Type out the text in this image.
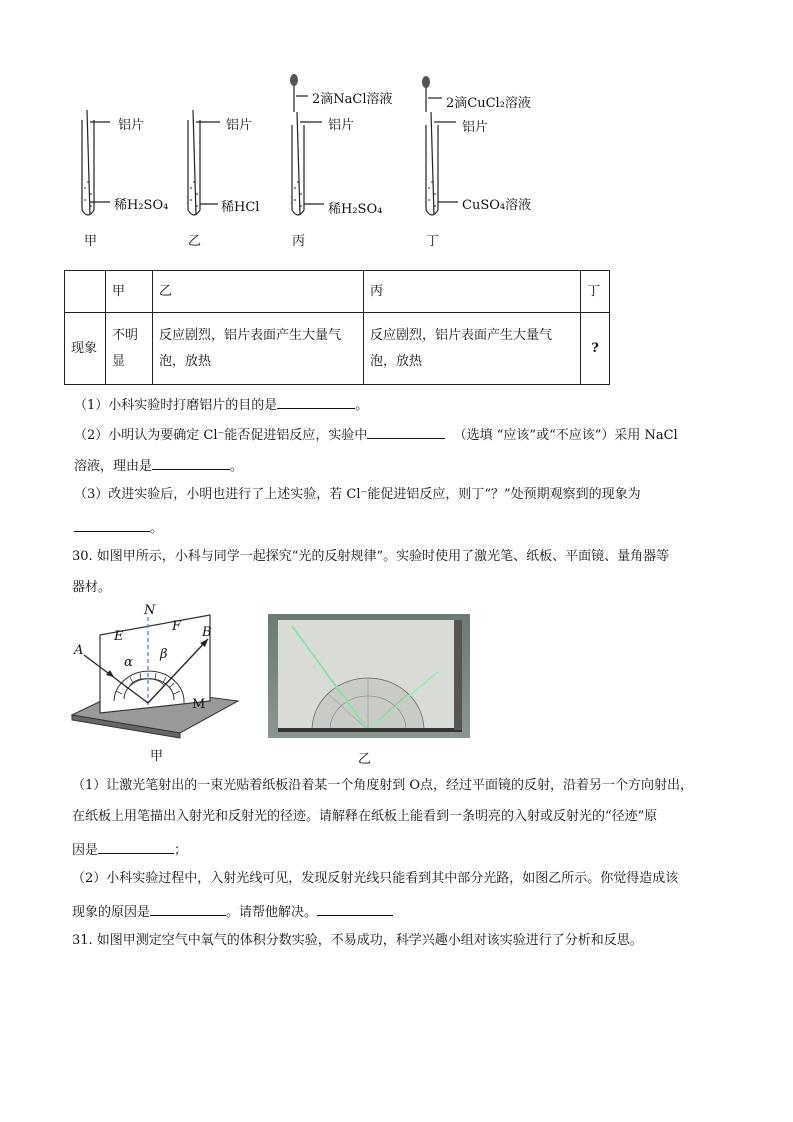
铝片
稀H₂SO₄
甲
铝片
稀HCl
乙
2滴NaCl溶液
铝片
稀H₂SO₄
丙
2滴CuCl₂溶液
铝片
CuSO₄溶液
丁
	甲	乙	丙	丁
现象	不明显	反应剧烈，铝片表面产生大量气泡，放热	反应剧烈，铝片表面产生大量气泡，放热	?
（1）小科实验时打磨铝片的目的是	。
（2）小明认为要确定 Cl⁻能否促进铝反应，实验中	（选填 “应该”或“不应该”）采用 NaCl
溶液，理由是	。
（3）改进实验后，小明也进行了上述实验，若 Cl⁻能促进铝反应，则丁“？”处预期观察到的现象为
。
30. 如图甲所示，小科与同学一起探究“光的反射规律”。实验时使用了激光笔、纸板、平面镜、量角器等
器材。
N
E
F
A
B
α
β
M
甲	乙
（1）让激光笔射出的一束光贴着纸板沿着某一个角度射到 O点，经过平面镜的反射，沿着另一个方向射出，
在纸板上用笔描出入射光和反射光的径迹。请解释在纸板上能看到一条明亮的入射或反射光的“径迹”原
因是	；
（2）小科实验过程中，入射光线可见，发现反射光线只能看到其中部分光路，如图乙所示。你觉得造成该
现象的原因是	。请帮他解决。
31. 如图甲测定空气中氧气的体积分数实验，不易成功，科学兴趣小组对该实验进行了分析和反思。
